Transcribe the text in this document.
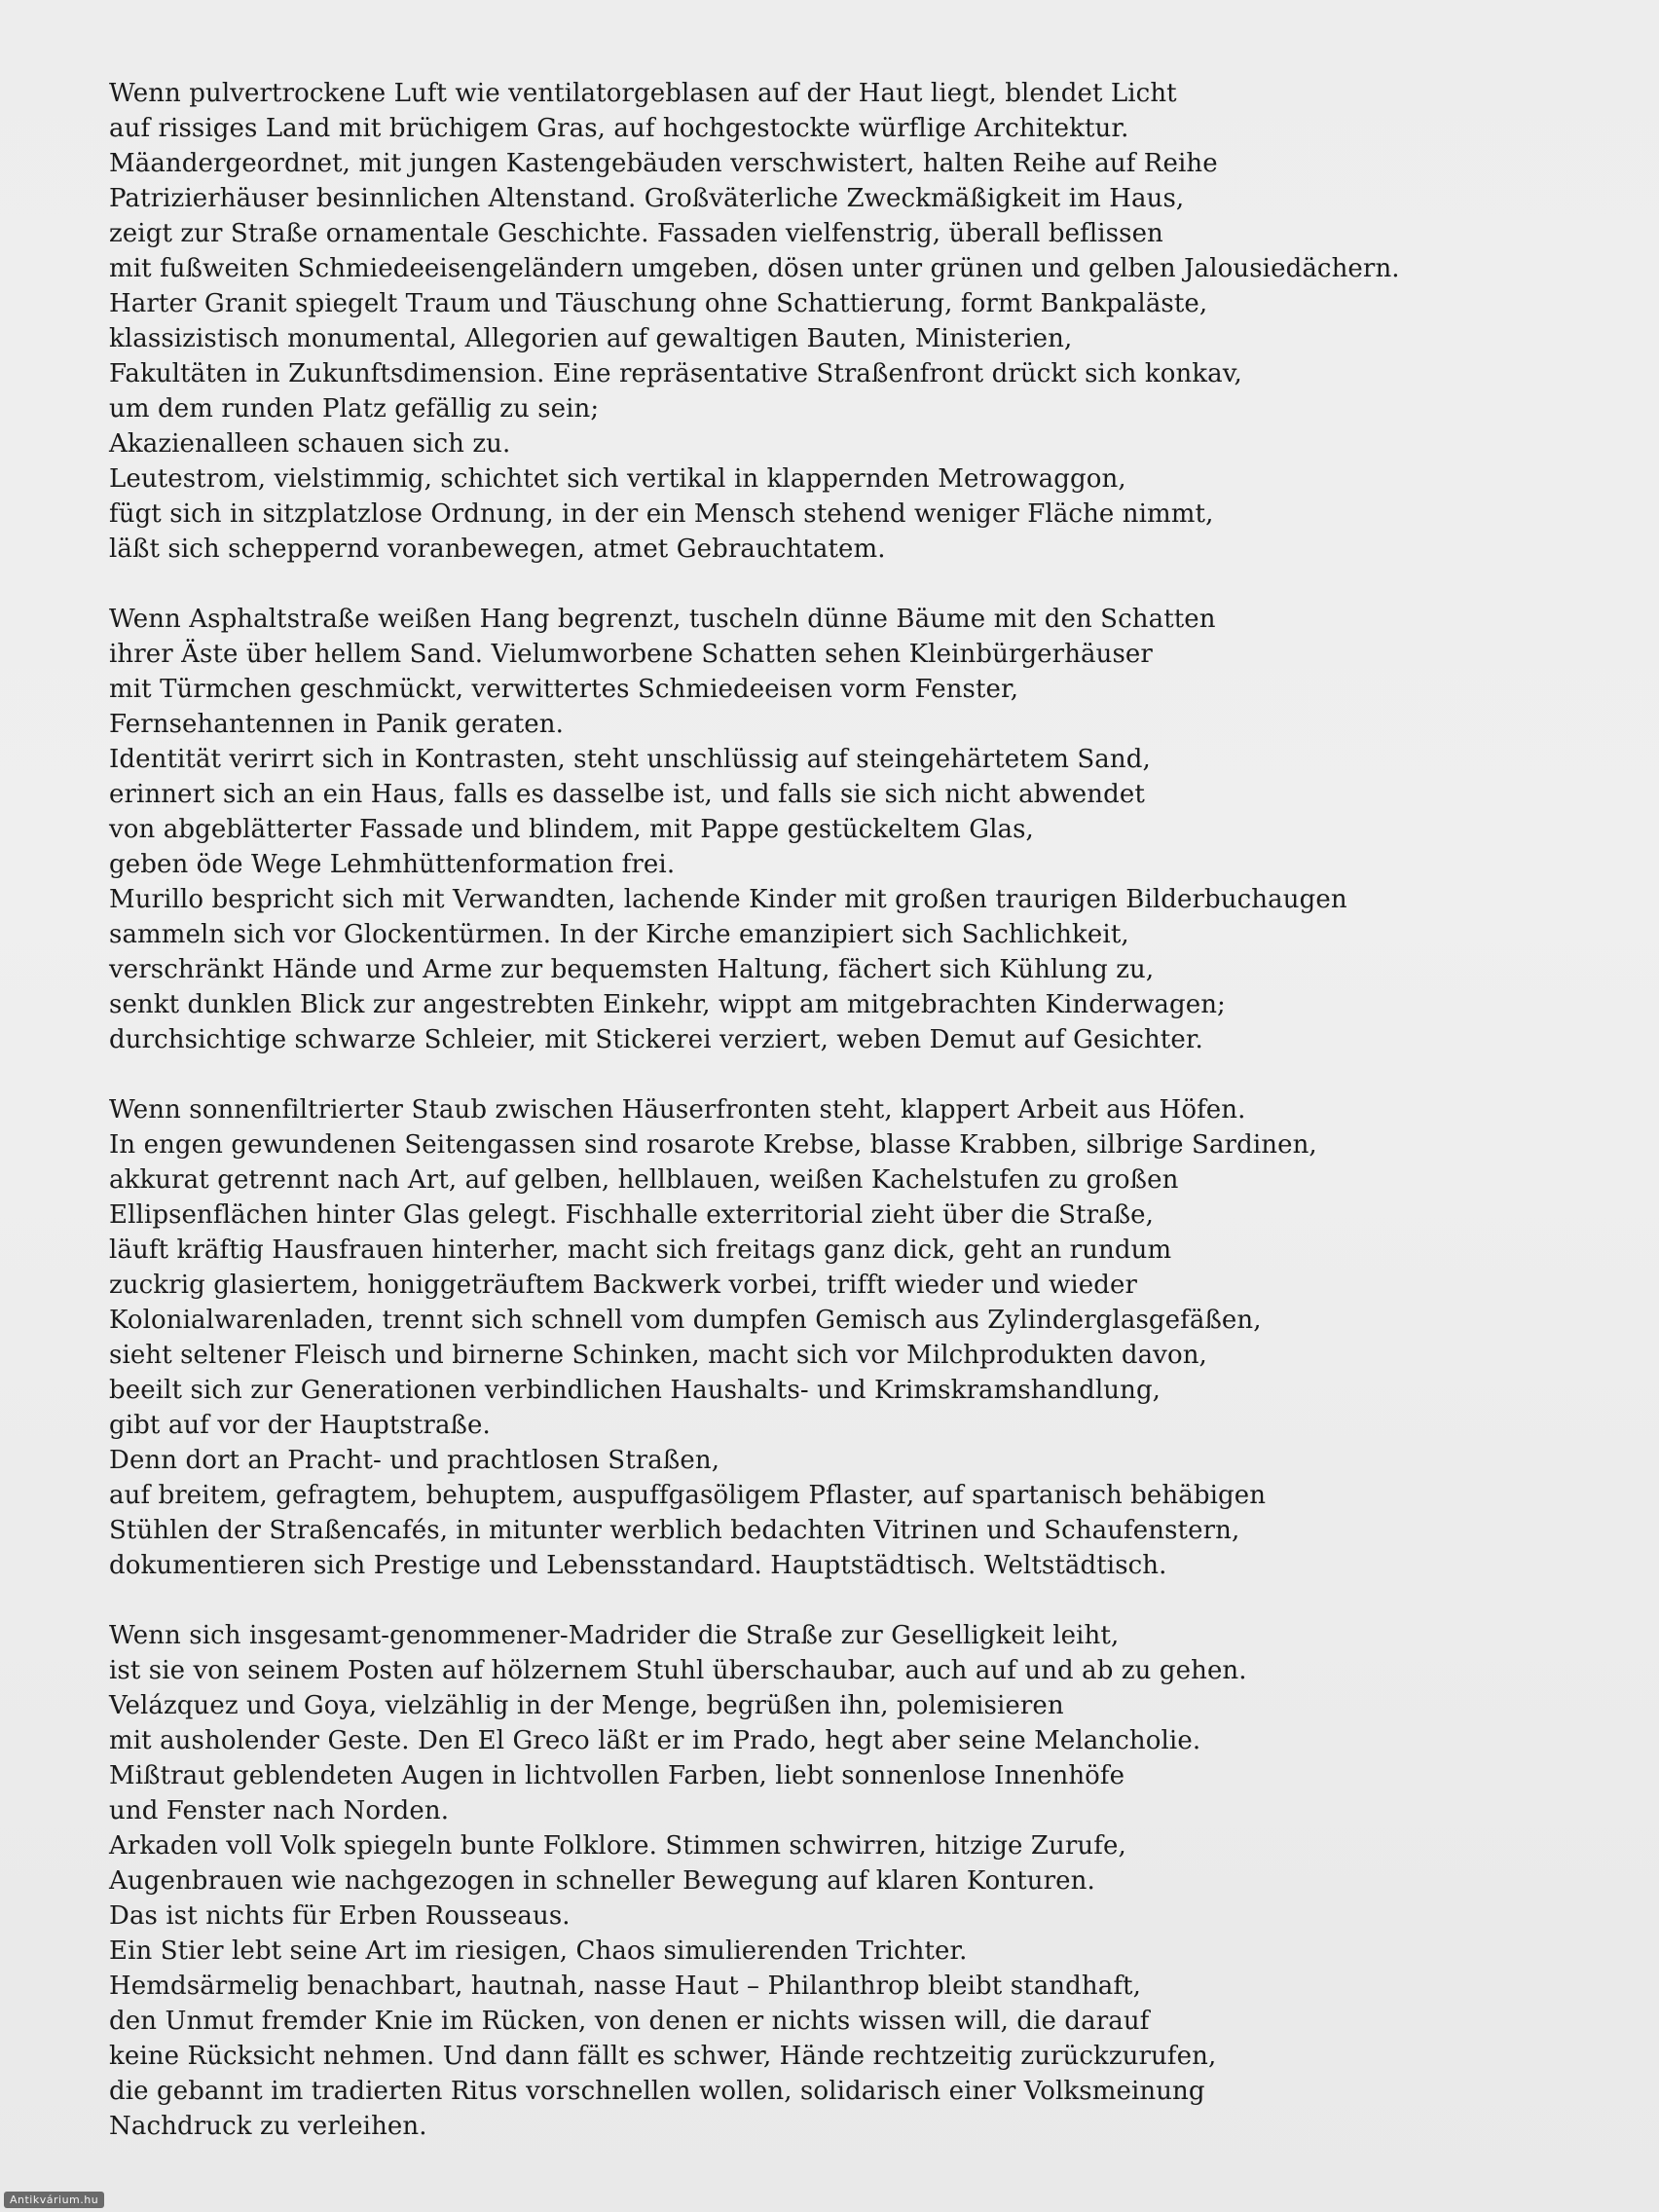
Wenn pulvertrockene Luft wie ventilatorgeblasen auf der Haut liegt, blendet Licht
auf rissiges Land mit brüchigem Gras, auf hochgestockte würflige Architektur.
Mäandergeordnet, mit jungen Kastengebäuden verschwistert, halten Reihe auf Reihe
Patrizierhäuser besinnlichen Altenstand. Großväterliche Zweckmäßigkeit im Haus,
zeigt zur Straße ornamentale Geschichte. Fassaden vielfenstrig, überall beflissen
mit fußweiten Schmiedeeisengeländern umgeben, dösen unter grünen und gelben Jalousiedächern.
Harter Granit spiegelt Traum und Täuschung ohne Schattierung, formt Bankpaläste,
klassizistisch monumental, Allegorien auf gewaltigen Bauten, Ministerien,
Fakultäten in Zukunftsdimension. Eine repräsentative Straßenfront drückt sich konkav,
um dem runden Platz gefällig zu sein;
Akazienalleen schauen sich zu.
Leutestrom, vielstimmig, schichtet sich vertikal in klappernden Metrowaggon,
fügt sich in sitzplatzlose Ordnung, in der ein Mensch stehend weniger Fläche nimmt,
läßt sich scheppernd voranbewegen, atmet Gebrauchtatem.
Wenn Asphaltstraße weißen Hang begrenzt, tuscheln dünne Bäume mit den Schatten
ihrer Äste über hellem Sand. Vielumworbene Schatten sehen Kleinbürgerhäuser
mit Türmchen geschmückt, verwittertes Schmiedeeisen vorm Fenster,
Fernsehantennen in Panik geraten.
Identität verirrt sich in Kontrasten, steht unschlüssig auf steingehärtetem Sand,
erinnert sich an ein Haus, falls es dasselbe ist, und falls sie sich nicht abwendet
von abgeblätterter Fassade und blindem, mit Pappe gestückeltem Glas,
geben öde Wege Lehmhüttenformation frei.
Murillo bespricht sich mit Verwandten, lachende Kinder mit großen traurigen Bilderbuchaugen
sammeln sich vor Glockentürmen. In der Kirche emanzipiert sich Sachlichkeit,
verschränkt Hände und Arme zur bequemsten Haltung, fächert sich Kühlung zu,
senkt dunklen Blick zur angestrebten Einkehr, wippt am mitgebrachten Kinderwagen;
durchsichtige schwarze Schleier, mit Stickerei verziert, weben Demut auf Gesichter.
Wenn sonnenfiltrierter Staub zwischen Häuserfronten steht, klappert Arbeit aus Höfen.
In engen gewundenen Seitengassen sind rosarote Krebse, blasse Krabben, silbrige Sardinen,
akkurat getrennt nach Art, auf gelben, hellblauen, weißen Kachelstufen zu großen
Ellipsenflächen hinter Glas gelegt. Fischhalle exterritorial zieht über die Straße,
läuft kräftig Hausfrauen hinterher, macht sich freitags ganz dick, geht an rundum
zuckrig glasiertem, honiggeträuftem Backwerk vorbei, trifft wieder und wieder
Kolonialwarenladen, trennt sich schnell vom dumpfen Gemisch aus Zylinderglasgefäßen,
sieht seltener Fleisch und birnerne Schinken, macht sich vor Milchprodukten davon,
beeilt sich zur Generationen verbindlichen Haushalts- und Krimskramshandlung,
gibt auf vor der Hauptstraße.
Denn dort an Pracht- und prachtlosen Straßen,
auf breitem, gefragtem, behuptem, auspuffgasöligem Pflaster, auf spartanisch behäbigen
Stühlen der Straßencafés, in mitunter werblich bedachten Vitrinen und Schaufenstern,
dokumentieren sich Prestige und Lebensstandard. Hauptstädtisch. Weltstädtisch.
Wenn sich insgesamt-genommener-Madrider die Straße zur Geselligkeit leiht,
ist sie von seinem Posten auf hölzernem Stuhl überschaubar, auch auf und ab zu gehen.
Velázquez und Goya, vielzählig in der Menge, begrüßen ihn, polemisieren
mit ausholender Geste. Den El Greco läßt er im Prado, hegt aber seine Melancholie.
Mißtraut geblendeten Augen in lichtvollen Farben, liebt sonnenlose Innenhöfe
und Fenster nach Norden.
Arkaden voll Volk spiegeln bunte Folklore. Stimmen schwirren, hitzige Zurufe,
Augenbrauen wie nachgezogen in schneller Bewegung auf klaren Konturen.
Das ist nichts für Erben Rousseaus.
Ein Stier lebt seine Art im riesigen, Chaos simulierenden Trichter.
Hemdsärmelig benachbart, hautnah, nasse Haut – Philanthrop bleibt standhaft,
den Unmut fremder Knie im Rücken, von denen er nichts wissen will, die darauf
keine Rücksicht nehmen. Und dann fällt es schwer, Hände rechtzeitig zurückzurufen,
die gebannt im tradierten Ritus vorschnellen wollen, solidarisch einer Volksmeinung
Nachdruck zu verleihen.
Antikvárium.hu
